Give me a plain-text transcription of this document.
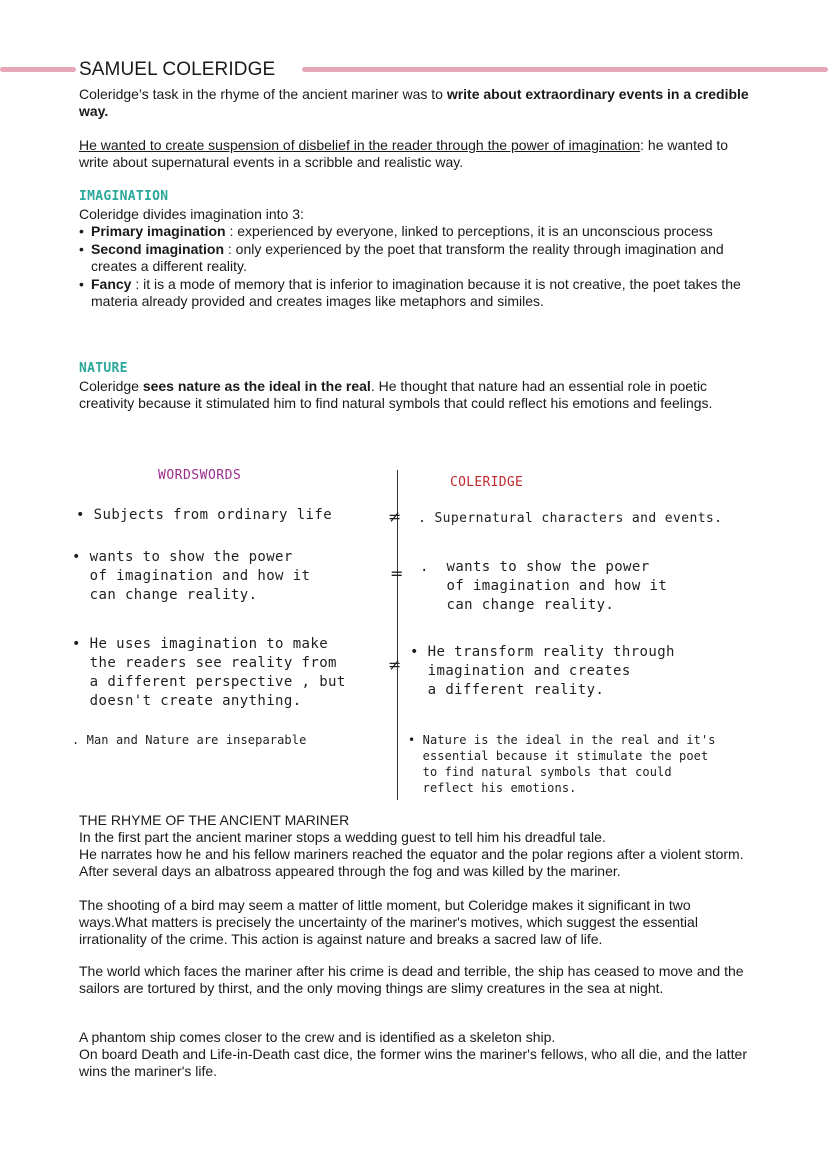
SAMUEL COLERIDGE

Coleridge’s task in the rhyme of the ancient mariner was to write about extraordinary events in a credible way.

He wanted to create suspension of disbelief in the reader through the power of imagination: he wanted to write about supernatural events in a scribble and realistic way.

IMAGINATION

Coleridge divides imagination into 3:

• Primary imagination : experienced by everyone, linked to perceptions, it is an unconscious process
• Second imagination : only experienced by the poet that transform the reality through imagination and creates a different reality.
• Fancy : it is a mode of memory that is inferior to imagination because it is not creative, the poet takes the materia already provided and creates images like metaphors and similes.
NATURE

Coleridge sees nature as the ideal in the real. He thought that nature had an essential role in poetic creativity because it stimulated him to find natural symbols that could reflect his emotions and feelings.

WORDSWORDS	COLERIDGE
• Subjects from ordinary life
• wants to show the power
of imagination and how it
can change reality.
• He uses imagination to make
the readers see reality from
a different perspective , but
doesn't create anything.
. Man and Nature are inseparable
≠
=
≠
. Supernatural characters and events.
.  wants to show the power
of imagination and how it
can change reality.
• He transform reality through
imagination and creates
a different reality.
• Nature is the ideal in the real and it's
essential because it stimulate the poet
to find natural symbols that could
reflect his emotions.

THE RHYME OF THE ANCIENT MARINER

In the first part the ancient mariner stops a wedding guest to tell him his dreadful tale.

He narrates how he and his fellow mariners reached the equator and the polar regions after a violent storm. After several days an albatross appeared through the fog and was killed by the mariner.

The shooting of a bird may seem a matter of little moment, but Coleridge makes it significant in two ways.What matters is precisely the uncertainty of the mariner's motives, which suggest the essential irrationality of the crime. This action is against nature and breaks a sacred law of life.

The world which faces the mariner after his crime is dead and terrible, the ship has ceased to move and the sailors are tortured by thirst, and the only moving things are slimy creatures in the sea at night.

A phantom ship comes closer to the crew and is identified as a skeleton ship.

On board Death and Life-in-Death cast dice, the former wins the mariner's fellows, who all die, and the latter wins the mariner's life.
